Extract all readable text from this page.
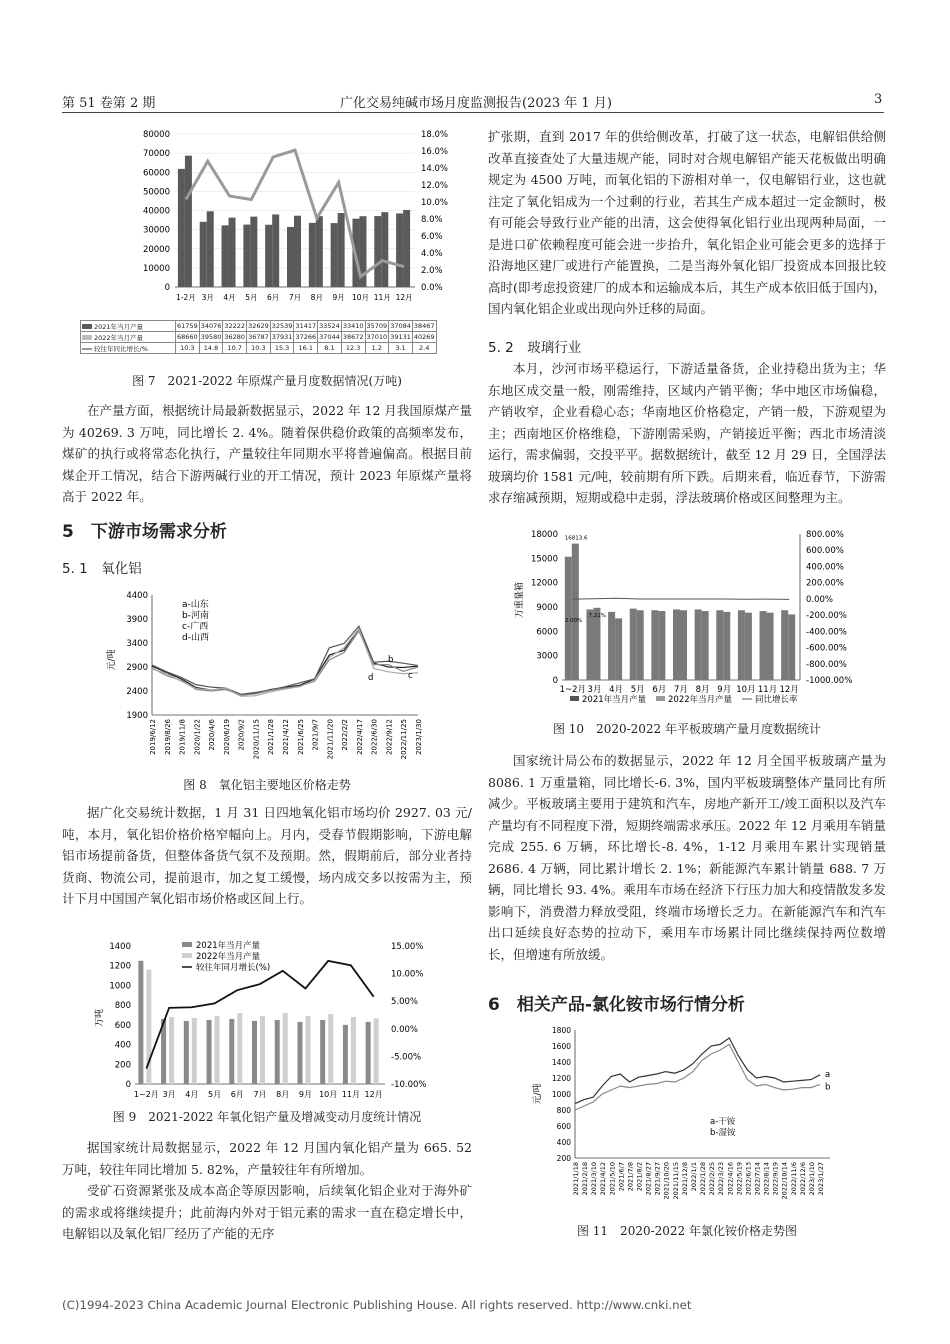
第 51 卷第 2 期	广化交易纯碱市场月度监测报告(2023 年 1 月)	3
80000
70000
60000
50000
40000
30000
20000
10000
0
18.0%
16.0%
14.0%
12.0%
10.0%
8.0%
6.0%
4.0%
2.0%
0.0%
1-2月 3月 4月 5月 6月 7月 8月 9月 10月 11月 12月
2021年当月产量	61759	34076	32222	32629	32539	31417	33524	33410	35709	37084	38467
2022年当月产量	68660	39580	36280	36787	37931	37266	37044	38672	37010	39131	40269
较往年同比增长/%	10.3	14.8	10.7	10.3	15.3	16.1	8.1	12.3	1.2	3.1	2.4
图 7　2021-2022 年原煤产量月度数据情况(万吨)

在产量方面，根据统计局最新数据显示，2022 年 12 月我国原煤产量为 40269. 3 万吨，同比增长 2. 4%。随着保供稳价政策的高频率发布，煤矿的执行或将常态化执行，产量较往年同期水平将普遍偏高。根据目前煤企开工情况，结合下游两碱行业的开工情况，预计 2023 年原煤产量将高于 2022 年。

5　下游市场需求分析
5. 1　氧化铝
4400
3900
3400
2900
2400
1900
元/吨
2019/6/12 2019/8/26 2019/11/8 2020/1/22 2020/4/6 2020/6/19 2020/9/2 2020/11/15 2021/1/28 2021/4/12 2021/6/25 2021/9/7 2021/11/20 2022/2/2 2022/4/17 2022/6/30 2022/9/12 2022/11/25 2023/1/30
a-山东
b-河南
c-广西
d-山西
b
d	c
图 8　氧化铝主要地区价格走势

据广化交易统计数据，1 月 31 日四地氧化铝市场均价 2927. 03 元/吨，本月，氧化铝价格价格窄幅向上。月内，受春节假期影响，下游电解铝市场提前备货，但整体备货气氛不及预期。然，假期前后，部分业者持货商、物流公司，提前退市，加之复工缓慢，场内成交多以按需为主，预计下月中国国产氧化铝市场价格或区间上行。

1400
1200
1000
800
600
400
200
0
15.00%
10.00%
5.00%
0.00%
-5.00%
-10.00%
万吨
1~2月 3月 4月 5月 6月 7月 8月 9月 10月 11月 12月
2021年当月产量
2022年当月产量
较往年同月增长(%)
图 9　2021-2022 年氧化铝产量及增减变动月度统计情况

据国家统计局数据显示，2022 年 12 月国内氧化铝产量为 665. 52 万吨，较往年同比增加 5. 82%，产量较往年有所增加。

受矿石资源紧张及成本高企等原因影响，后续氧化铝企业对于海外矿的需求或将继续提升；此前海内外对于铝元素的需求一直在稳定增长中，电解铝以及氧化铝厂经历了产能的无序

扩张期，直到 2017 年的供给侧改革，打破了这一状态，电解铝供给侧改革直接查处了大量违规产能，同时对合规电解铝产能天花板做出明确规定为 4500 万吨，而氧化铝的下游相对单一，仅电解铝行业，这也就注定了氧化铝成为一个过剩的行业，若其生产成本超过一定金额时，极有可能会导致行业产能的出清，这会使得氧化铝行业出现两种局面，一是进口矿依赖程度可能会进一步抬升，氧化铝企业可能会更多的选择于沿海地区建厂或进行产能置换，二是当海外氧化铝厂投资成本回报比较高时(即考虑投资建厂的成本和运输成本后，其生产成本依旧低于国内)，国内氧化铝企业或出现向外迁移的局面。

5. 2　玻璃行业

本月，沙河市场平稳运行，下游适量备货，企业持稳出货为主；华东地区成交量一般，刚需维持，区域内产销平衡；华中地区市场偏稳，产销收窄，企业看稳心态；华南地区价格稳定，产销一般，下游观望为主；西南地区价格维稳，下游刚需采购，产销接近平衡；西北市场清淡运行，需求偏弱，交投平平。据数据统计，截至 12 月 29 日，全国浮法玻璃均价 1581 元/吨，较前期有所下跌。后期来看，临近春节，下游需求存缩减预期，短期或稳中走弱，浮法玻璃价格或区间整理为主。

18000
15000
12000
9000
6000
3000
0
800.00%
600.00%
400.00%
200.00%
0.00%
-200.00%
-400.00%
-600.00%
-800.00%
-1000.00%
万重量箱
1~2月 3月 4月 5月 6月 7月 8月 9月 10月 11月 12月
16813.6
2.00%
7.21%
2021年当月产量	2022年当月产量	同比增长率
图 10　2020-2022 年平板玻璃产量月度数据统计

国家统计局公布的数据显示，2022 年 12 月全国平板玻璃产量为 8086. 1 万重量箱，同比增长-6. 3%，国内平板玻璃整体产量同比有所减少。平板玻璃主要用于建筑和汽车，房地产新开工/竣工面积以及汽车产量均有不同程度下滑，短期终端需求承压。2022 年 12 月乘用车销量完成 255. 6 万辆，环比增长-8. 4%，1-12 月乘用车累计实现销量 2686. 4 万辆，同比累计增长 2. 1%；新能源汽车累计销量 688. 7 万辆，同比增长 93. 4%。乘用车市场在经济下行压力加大和疫情散发多发影响下，消费潜力释放受阻，终端市场增长乏力。在新能源汽车和汽车出口延续良好态势的拉动下，乘用车市场累计同比继续保持两位数增长，但增速有所放缓。

6　相关产品-氯化铵市场行情分析
1800
1600
1400
1200
1000
800
600
400
200
元/吨
2021/1/18 2021/2/18 2021/3/10 2021/4/12 2021/5/10 2021/6/7 2021/7/8 2021/8/2 2021/8/27 2021/9/27 2021/10/20 2021/11/15 2021/12/8 2022/1/1 2022/1/28 2022/2/25 2022/3/23 2022/4/16 2022/5/19 2022/6/13 2022/7/14 2022/8/14 2022/9/19 2022/10/14 2022/11/6 2022/12/6 2023/1/10 2023/1/27
a
b
a-干铵
b-湿铵
图 11　2020-2022 年氯化铵价格走势图
(C)1994-2023 China Academic Journal Electronic Publishing House. All rights reserved. http://www.cnki.net
